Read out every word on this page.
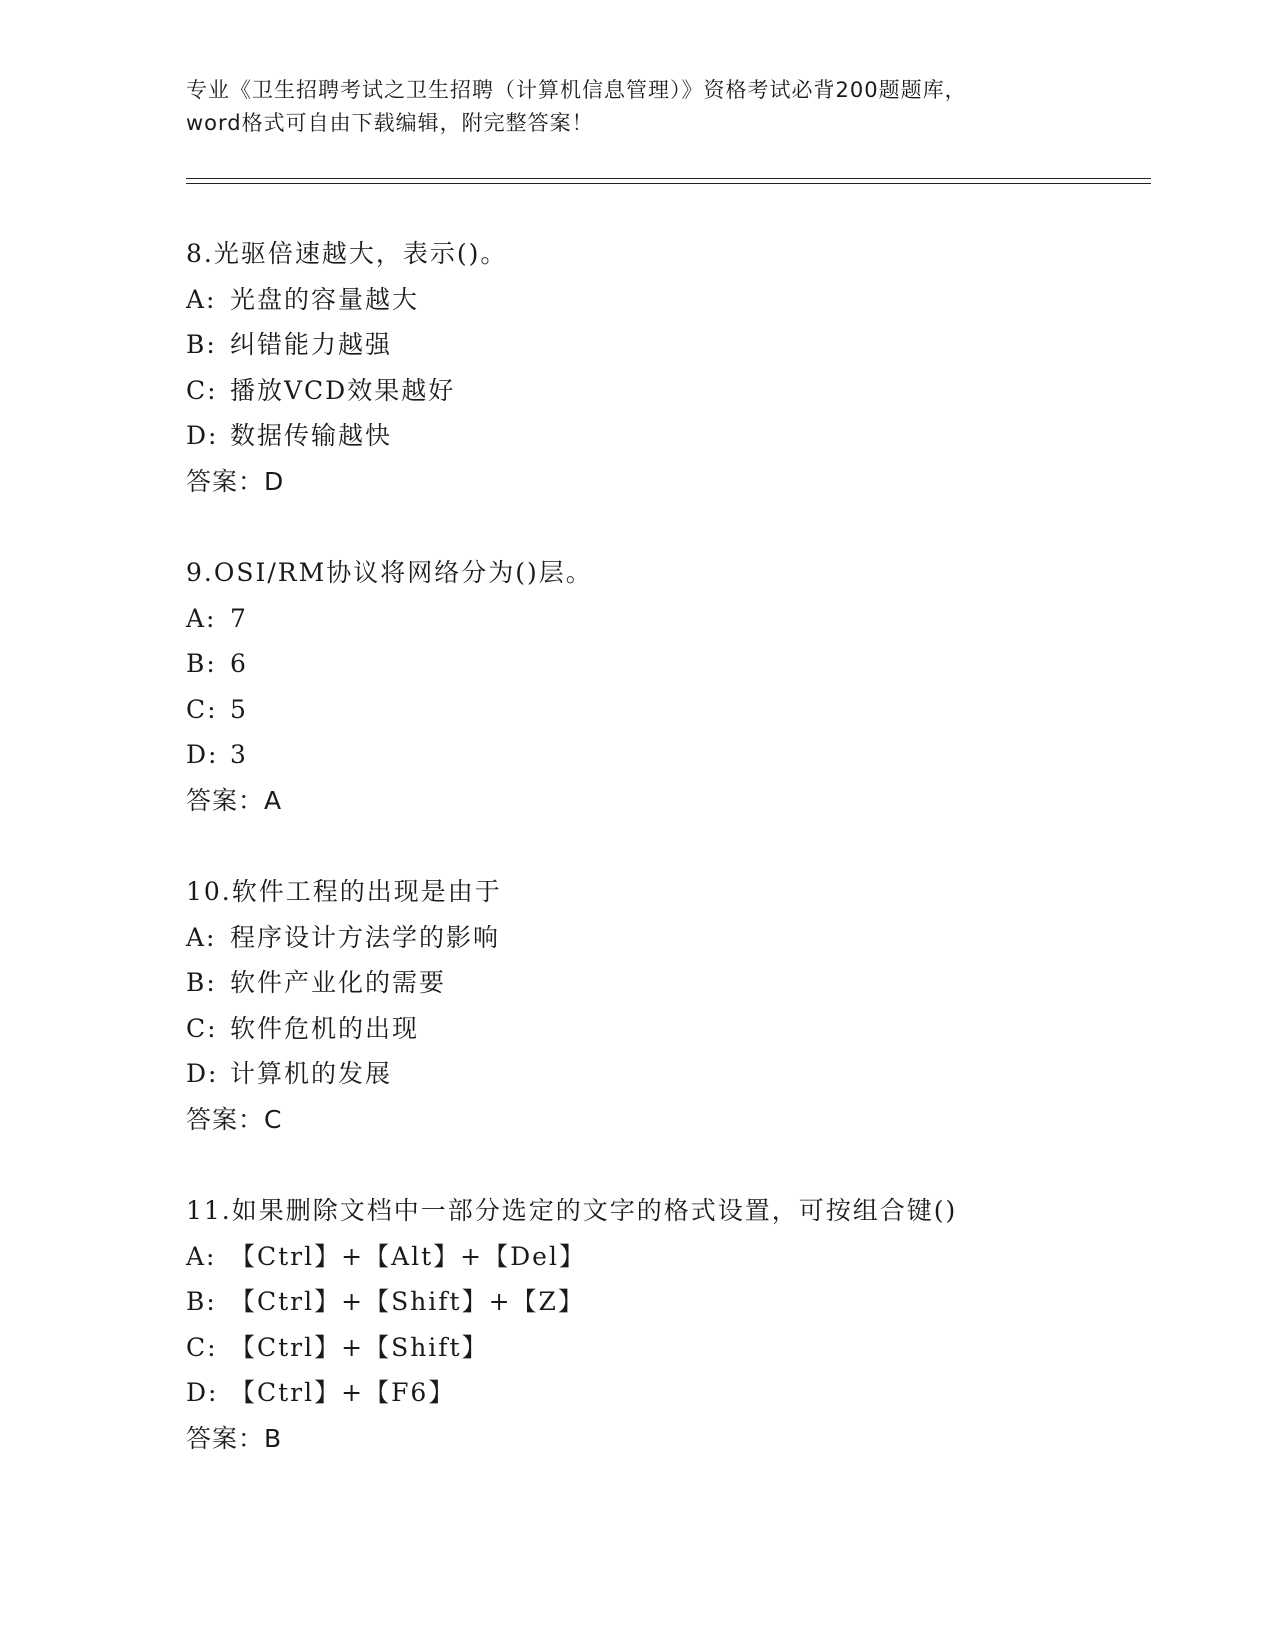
专业《卫生招聘考试之卫生招聘（计算机信息管理）》资格考试必背200题题库，
word格式可自由下载编辑，附完整答案！
8.光驱倍速越大，表示()。
A: 光盘的容量越大
B: 纠错能力越强
C: 播放VCD效果越好
D: 数据传输越快
答案：D
9.OSI/RM协议将网络分为()层。
A: 7
B: 6
C: 5
D: 3
答案：A
10.软件工程的出现是由于
A: 程序设计方法学的影响
B: 软件产业化的需要
C: 软件危机的出现
D: 计算机的发展
答案：C
11.如果删除文档中一部分选定的文字的格式设置，可按组合键()
A: 【Ctrl】+【Alt】+【Del】
B: 【Ctrl】+【Shift】+【Z】
C: 【Ctrl】+【Shift】
D: 【Ctrl】+【F6】
答案：B
